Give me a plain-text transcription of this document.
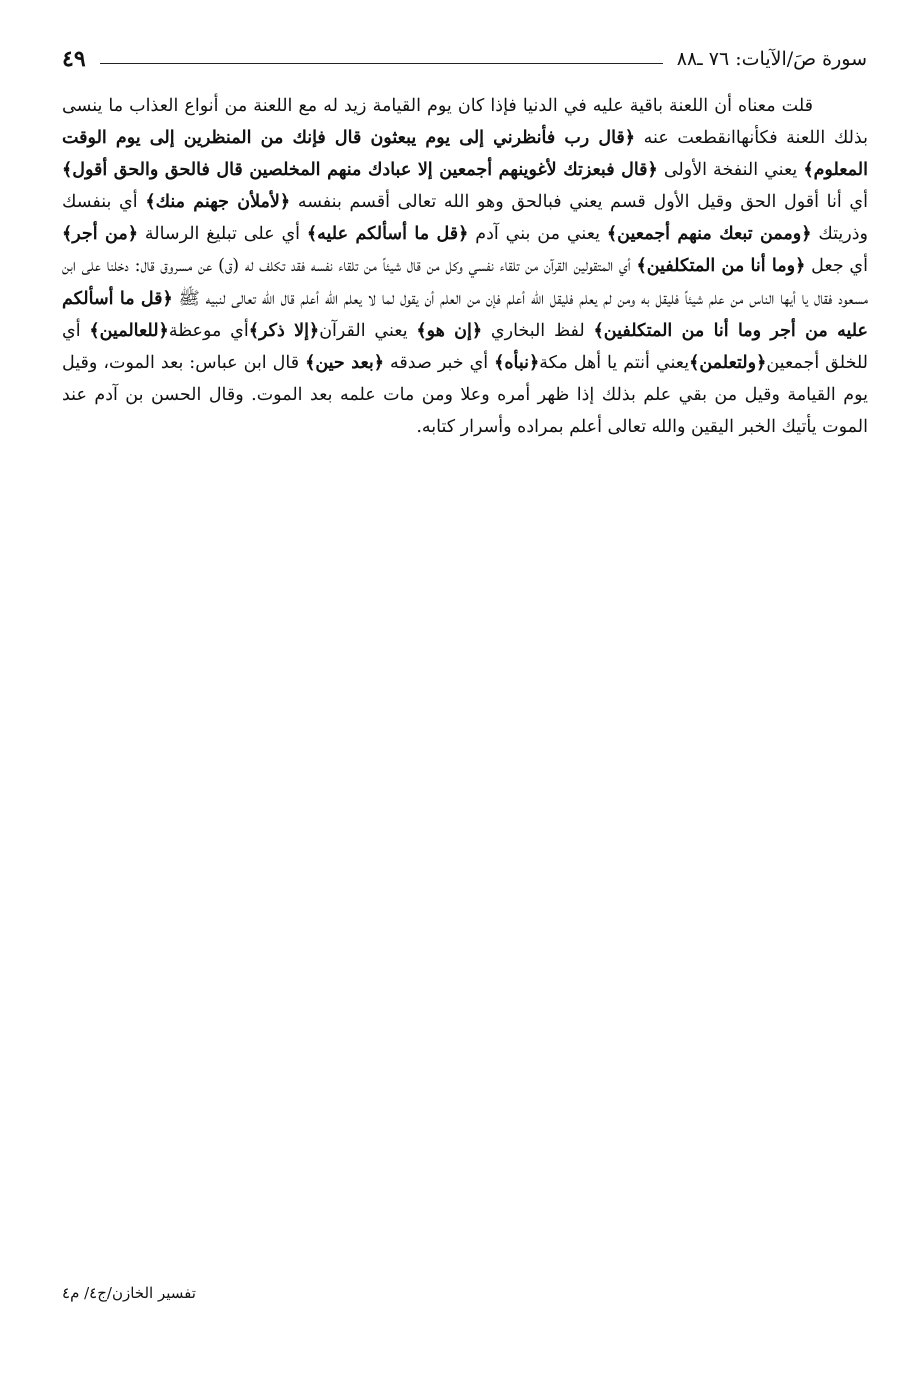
سورة صَ/الآيات: ٧٦ ـ٨٨
٤٩

قلت معناه أن اللعنة باقية عليه في الدنيا فإذا كان يوم القيامة زيد له مع اللعنة من أنواع العذاب ما ينسى بذلك اللعنة فكأنهاانقطعت عنه ﴿قال رب فأنظرني إلى يوم يبعثون قال فإنك من المنظرين إلى يوم الوقت المعلوم﴾ يعني النفخة الأولى ﴿قال فبعزتك لأغوينهم أجمعين إلا عبادك منهم المخلصين قال فالحق والحق أقول﴾ أي أنا أقول الحق وقيل الأول قسم يعني فبالحق وهو الله تعالى أقسم بنفسه ﴿لأملأن جهنم منك﴾ أي بنفسك وذريتك ﴿وممن تبعك منهم أجمعين﴾ يعني من بني آدم ﴿قل ما أسألكم عليه﴾ أي على تبليغ الرسالة ﴿من أجر﴾ أي جعل ﴿وما أنا من المتكلفين﴾ أي المتقولين القرآن من تلقاء نفسي وكل من قال شيئاً من تلقاء نفسه فقد تكلف له (ق) عن مسروق قال: دخلنا على ابن مسعود فقال يا أيها الناس من علم شيئاً فليقل به ومن لم يعلم فليقل الله أعلم فإن من العلم أن يقول لما لا يعلم الله أعلم قال الله تعالى لنبيه ﷺ ﴿قل ما أسألكم عليه من أجر وما أنا من المتكلفين﴾ لفظ البخاري ﴿إن هو﴾ يعني القرآن﴿إلا ذكر﴾أي موعظة﴿للعالمين﴾ أي للخلق أجمعين﴿ولتعلمن﴾يعني أنتم يا أهل مكة﴿نبأه﴾ أي خبر صدقه ﴿بعد حين﴾ قال ابن عباس: بعد الموت، وقيل يوم القيامة وقيل من بقي علم بذلك إذا ظهر أمره وعلا ومن مات علمه بعد الموت. وقال الحسن بن آدم عند الموت يأتيك الخبر اليقين والله تعالى أعلم بمراده وأسرار كتابه.

تفسير الخازن/ج٤/ م٤
